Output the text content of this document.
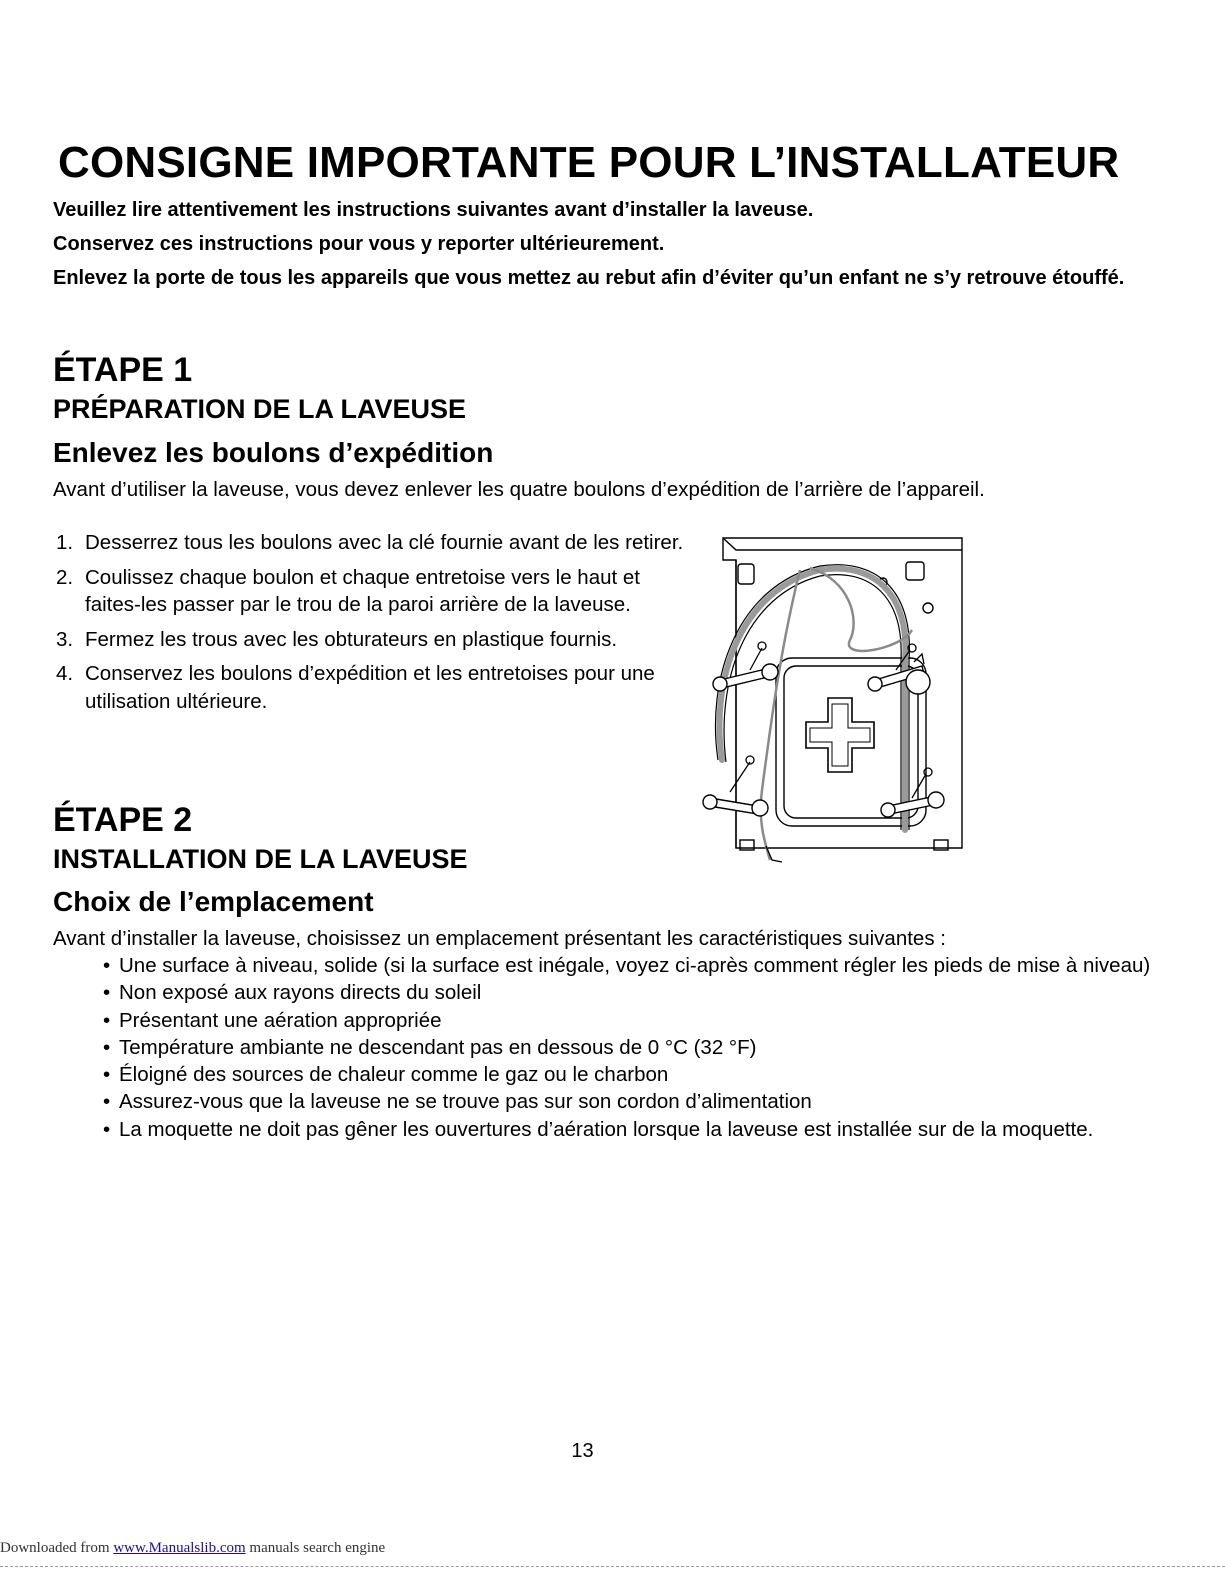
CONSIGNE IMPORTANTE POUR L’INSTALLATEUR

Veuillez lire attentivement les instructions suivantes avant d’installer la laveuse.

Conservez ces instructions pour vous y reporter ultérieurement.

Enlevez la porte de tous les appareils que vous mettez au rebut afin d’éviter qu’un enfant ne s’y retrouve étouffé.

ÉTAPE 1
PRÉPARATION DE LA LAVEUSE
Enlevez les boulons d’expédition

Avant d’utiliser la laveuse, vous devez enlever les quatre boulons d’expédition de l’arrière de l’appareil.

1. Desserrez tous les boulons avec la clé fournie avant de les retirer.
2. Coulissez chaque boulon et chaque entretoise vers le haut et faites-les passer par le trou de la paroi arrière de la laveuse.
3. Fermez les trous avec les obturateurs en plastique fournis.
4. Conservez les boulons d’expédition et les entretoises pour une utilisation ultérieure.
ÉTAPE 2
INSTALLATION DE LA LAVEUSE
Choix de l’emplacement

Avant d’installer la laveuse, choisissez un emplacement présentant les caractéristiques suivantes :

• Une surface à niveau, solide (si la surface est inégale, voyez ci-après comment régler les pieds de mise à niveau)
• Non exposé aux rayons directs du soleil
• Présentant une aération appropriée
• Température ambiante ne descendant pas en dessous de 0 °C (32 °F)
• Éloigné des sources de chaleur comme le gaz ou le charbon
• Assurez-vous que la laveuse ne se trouve pas sur son cordon d’alimentation
• La moquette ne doit pas gêner les ouvertures d’aération lorsque la laveuse est installée sur de la moquette.
13
Downloaded from www.Manualslib.com manuals search engine
